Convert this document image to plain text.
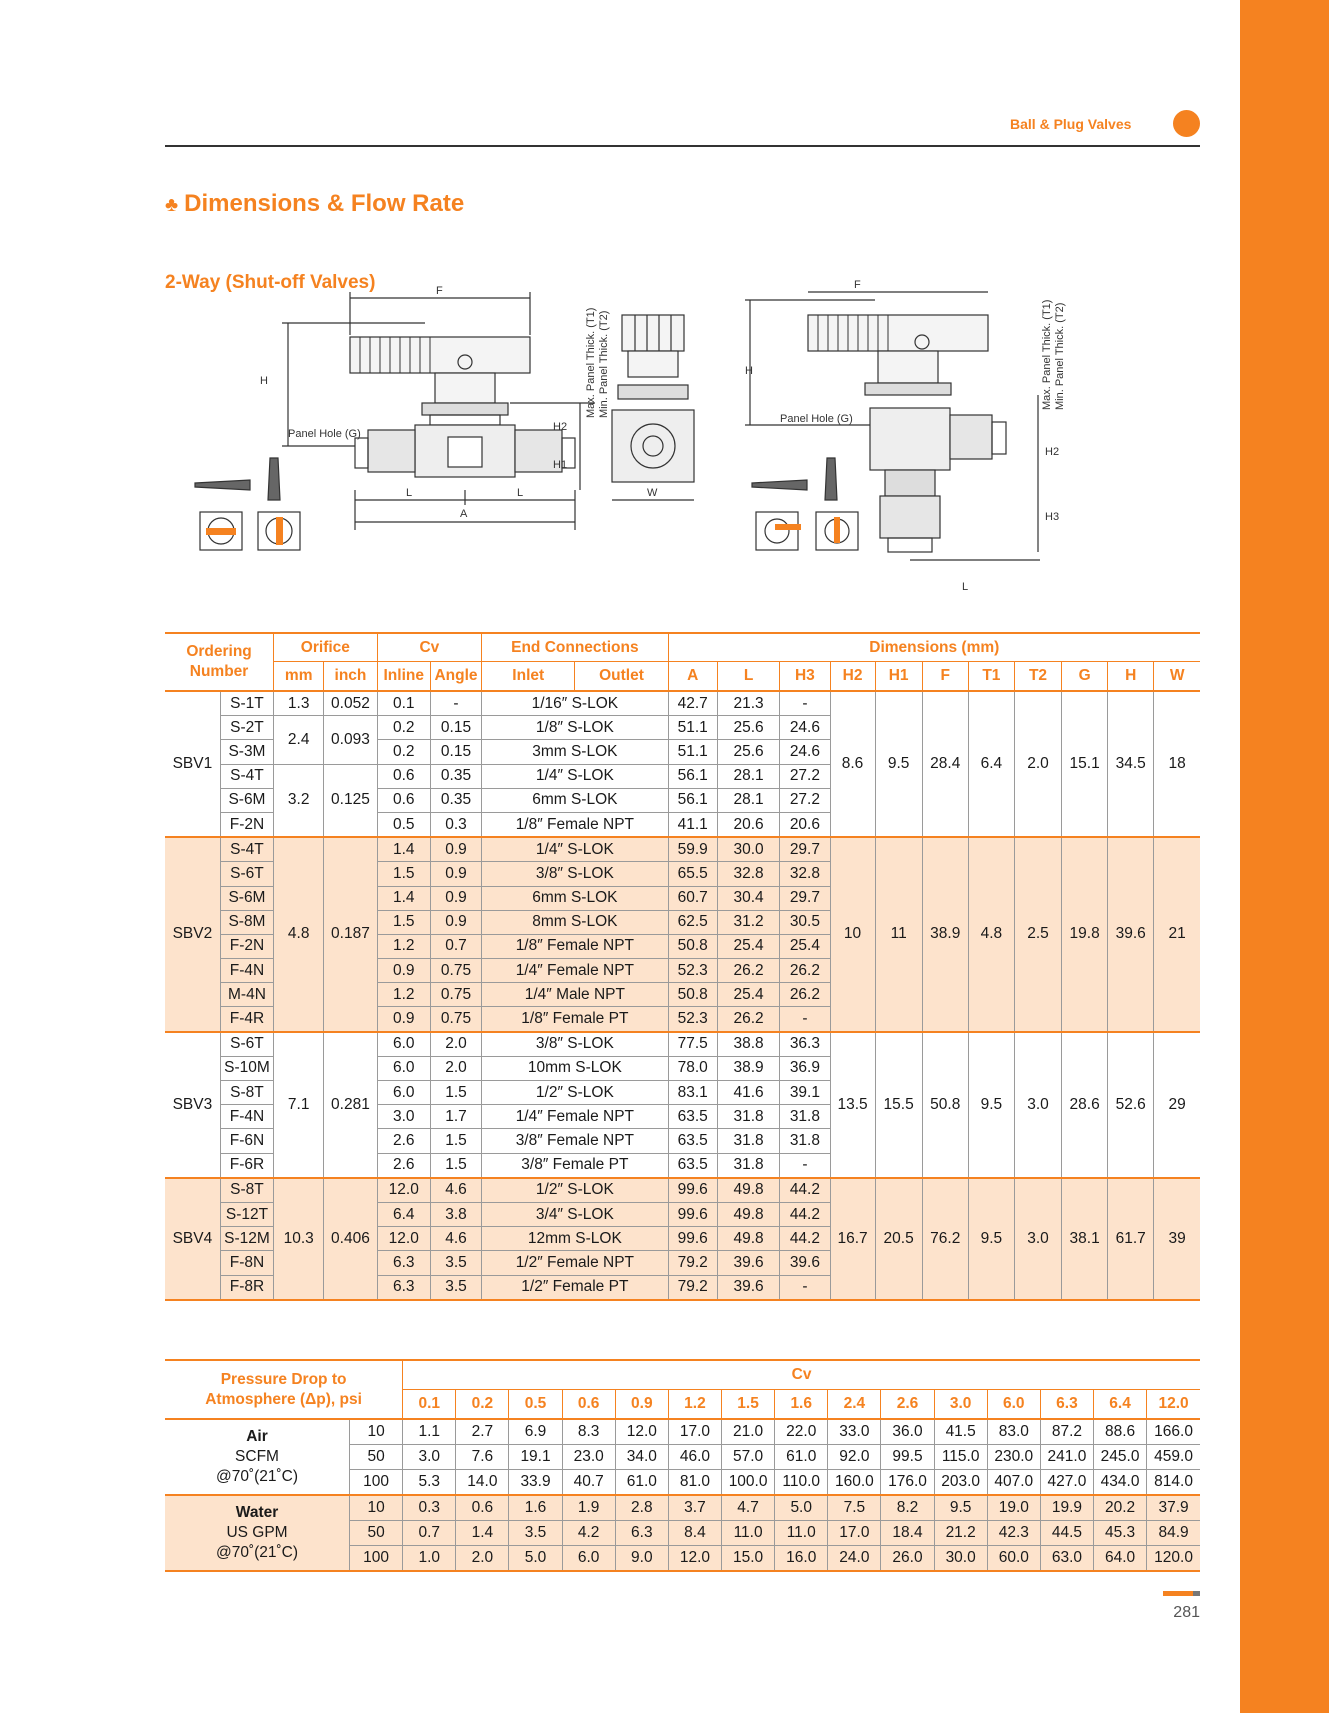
Ball & Plug Valves
♣ Dimensions & Flow Rate
2-Way (Shut-off Valves)	F
H
Panel Hole (G)
H2
H1
L	L
A
W
Max. Panel Thick. (T1) Min. Panel Thick. (T2)
F
H
Panel Hole (G)
H2
H3
L
Max. Panel Thick. (T1) Min. Panel Thick. (T2)
Ordering Number		Orifice		Cv		End Connections		Dimensions (mm)										
		mm	inch	Inline	Angle	Inlet	Outlet	A	L	H3	H2	H1	F	T1	T2	G	H	W
SBV1	S-1T	1.3	0.052	0.1	-	1/16″ S-LOK		42.7	21.3	-	8.6	9.5	28.4	6.4	2.0	15.1	34.5	18
	S-2T	2.4	0.093	0.2	0.15	1/8″ S-LOK		51.1	25.6	24.6								
	S-3M			0.2	0.15	3mm S-LOK		51.1	25.6	24.6								
	S-4T	3.2	0.125	0.6	0.35	1/4″ S-LOK		56.1	28.1	27.2								
	S-6M			0.6	0.35	6mm S-LOK		56.1	28.1	27.2								
	F-2N			0.5	0.3	1/8″ Female NPT		41.1	20.6	20.6								
SBV2	S-4T	4.8	0.187	1.4	0.9	1/4″ S-LOK		59.9	30.0	29.7	10	11	38.9	4.8	2.5	19.8	39.6	21
	S-6T			1.5	0.9	3/8″ S-LOK		65.5	32.8	32.8								
	S-6M			1.4	0.9	6mm S-LOK		60.7	30.4	29.7								
	S-8M			1.5	0.9	8mm S-LOK		62.5	31.2	30.5								
	F-2N			1.2	0.7	1/8″ Female NPT		50.8	25.4	25.4								
	F-4N			0.9	0.75	1/4″ Female NPT		52.3	26.2	26.2								
	M-4N			1.2	0.75	1/4″ Male NPT		50.8	25.4	26.2								
	F-4R			0.9	0.75	1/8″ Female PT		52.3	26.2	-								
SBV3	S-6T	7.1	0.281	6.0	2.0	3/8″ S-LOK		77.5	38.8	36.3	13.5	15.5	50.8	9.5	3.0	28.6	52.6	29
	S-10M			6.0	2.0	10mm S-LOK		78.0	38.9	36.9								
	S-8T			6.0	1.5	1/2″ S-LOK		83.1	41.6	39.1								
	F-4N			3.0	1.7	1/4″ Female NPT		63.5	31.8	31.8								
	F-6N			2.6	1.5	3/8″ Female NPT		63.5	31.8	31.8								
	F-6R			2.6	1.5	3/8″ Female PT		63.5	31.8	-								
SBV4	S-8T	10.3	0.406	12.0	4.6	1/2″ S-LOK		99.6	49.8	44.2	16.7	20.5	76.2	9.5	3.0	38.1	61.7	39
	S-12T			6.4	3.8	3/4″ S-LOK		99.6	49.8	44.2								
	S-12M			12.0	4.6	12mm S-LOK		99.6	49.8	44.2								
	F-8N			6.3	3.5	1/2″ Female NPT		79.2	39.6	39.6								
	F-8R			6.3	3.5	1/2″ Female PT		79.2	39.6	-								
Pressure Drop to Atmosphere (Δp), psi		Cv														
		0.1	0.2	0.5	0.6	0.9	1.2	1.5	1.6	2.4	2.6	3.0	6.0	6.3	6.4	12.0

Air
SCFM
@70˚(21˚C)	10	1.1	2.7	6.9	8.3	12.0	17.0	21.0	22.0	33.0	36.0	41.5	83.0	87.2	88.6	166.0
	50	3.0	7.6	19.1	23.0	34.0	46.0	57.0	61.0	92.0	99.5	115.0	230.0	241.0	245.0	459.0
	100	5.3	14.0	33.9	40.7	61.0	81.0	100.0	110.0	160.0	176.0	203.0	407.0	427.0	434.0	814.0

Water
US GPM
@70˚(21˚C)	10	0.3	0.6	1.6	1.9	2.8	3.7	4.7	5.0	7.5	8.2	9.5	19.0	19.9	20.2	37.9
	50	0.7	1.4	3.5	4.2	6.3	8.4	11.0	11.0	17.0	18.4	21.2	42.3	44.5	45.3	84.9
	100	1.0	2.0	5.0	6.0	9.0	12.0	15.0	16.0	24.0	26.0	30.0	60.0	63.0	64.0	120.0
281
